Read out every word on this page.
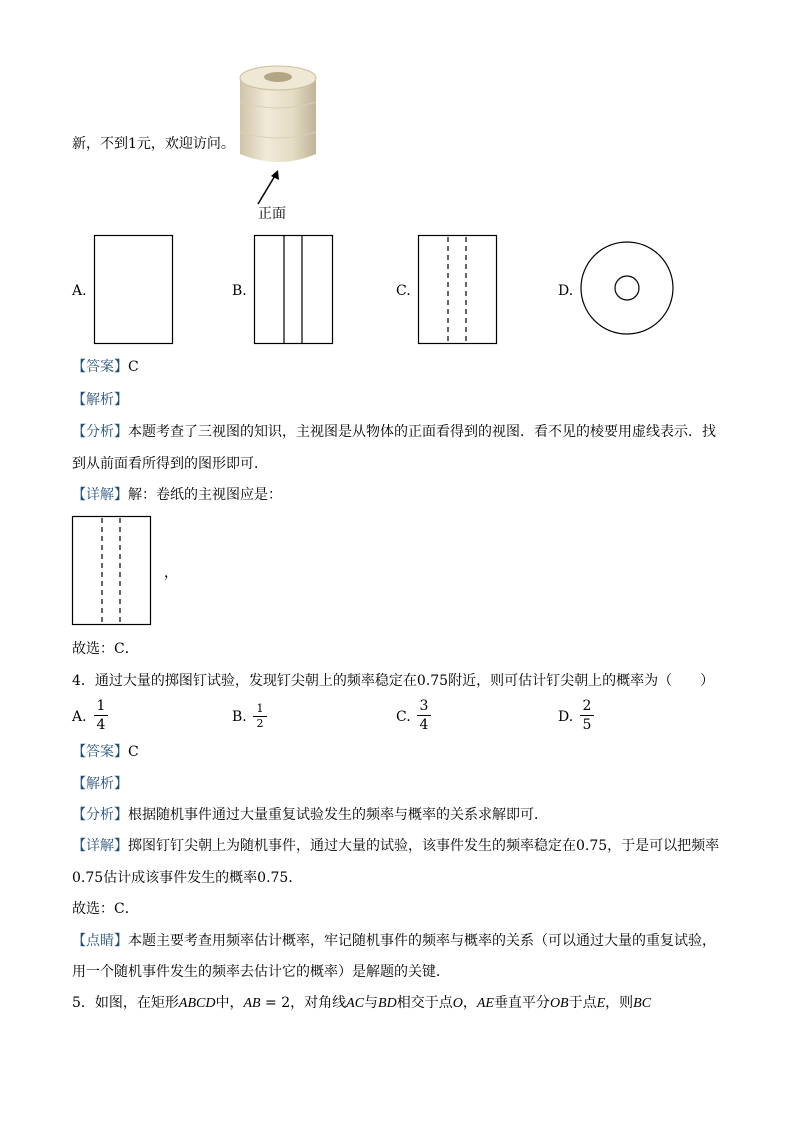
新，不到1元，欢迎访问。
正面
A.	B.	C.	D.
【答案】C
【解析】
【分析】本题考查了三视图的知识，主视图是从物体的正面看得到的视图．看不见的棱要用虚线表示．找
到从前面看所得到的图形即可．
【详解】解：卷纸的主视图应是：
，
故选：C．
4．通过大量的掷图钉试验，发现钉尖朝上的频率稳定在0.75附近，则可估计钉尖朝上的概率为（　　）
A.
1
4	B.
1
2	C.
3
4	D.
2
5
【答案】C
【解析】
【分析】根据随机事件通过大量重复试验发生的频率与概率的关系求解即可．
【详解】掷图钉钉尖朝上为随机事件，通过大量的试验，该事件发生的频率稳定在0.75，于是可以把频率
0.75估计成该事件发生的概率0.75．
故选：C．
【点睛】本题主要考查用频率估计概率，牢记随机事件的频率与概率的关系（可以通过大量的重复试验，
用一个随机事件发生的频率去估计它的概率）是解题的关键．
5．如图，在矩形ABCD中，AB = 2，对角线AC与BD相交于点O，AE垂直平分OB于点E，则BC
